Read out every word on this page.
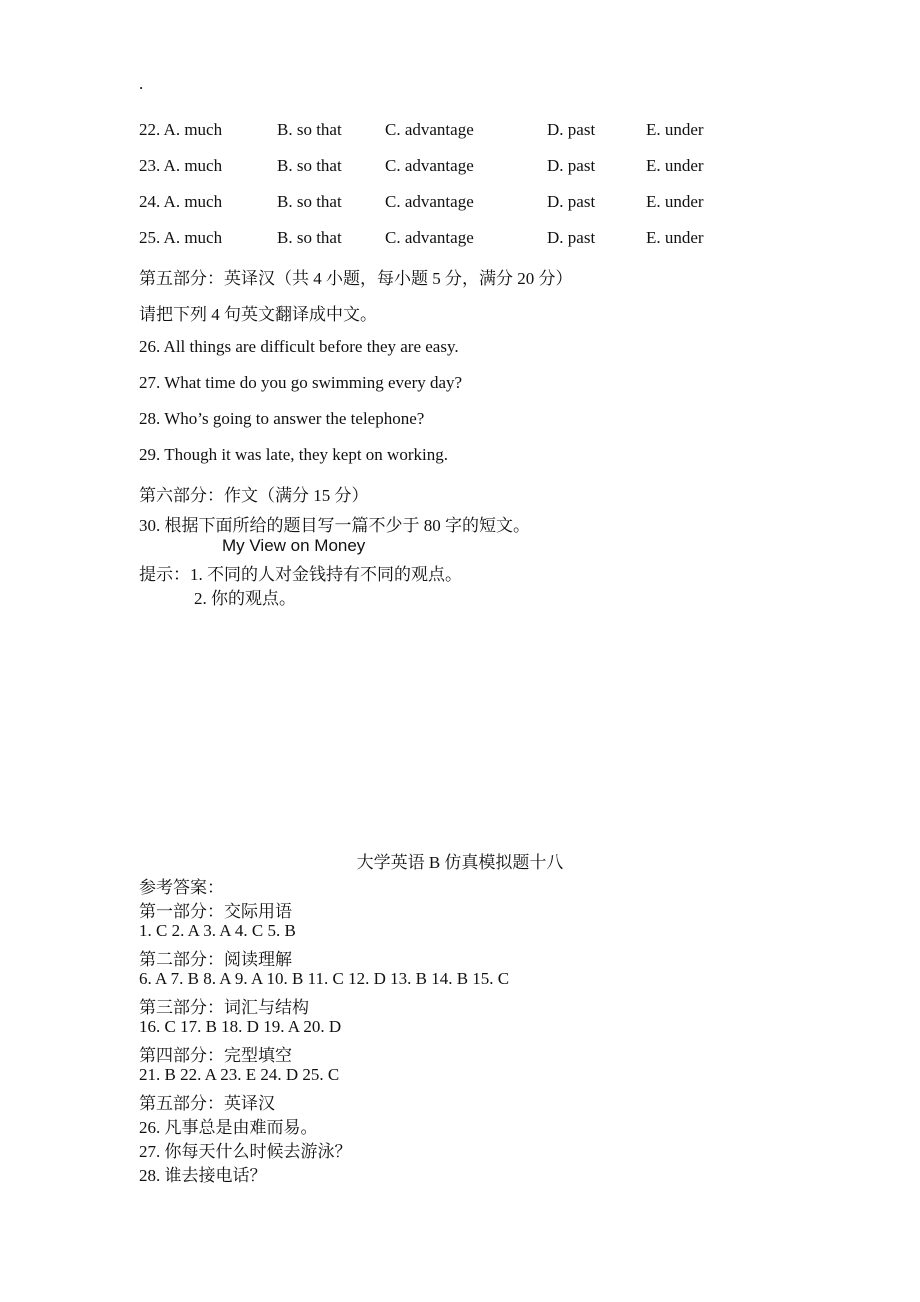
.
22. A. much	B. so that	C. advantage	D. past	E. under
23. A. much	B. so that	C. advantage	D. past	E. under
24. A. much	B. so that	C. advantage	D. past	E. under
25. A. much	B. so that	C. advantage	D. past	E. under
第五部分：英译汉（共 4 小题，每小题 5 分，满分 20 分）
请把下列 4 句英文翻译成中文。
26. All things are difficult before they are easy.
27. What time do you go swimming every day?
28. Who’s going to answer the telephone?
29. Though it was late, they kept on working.
第六部分：作文（满分 15 分）
30. 根据下面所给的题目写一篇不少于 80 字的短文。
My View on Money
提示：1. 不同的人对金钱持有不同的观点。
2. 你的观点。
大学英语 B 仿真模拟题十八
参考答案：
第一部分：交际用语
1. C 2. A 3. A 4. C 5. B
第二部分：阅读理解
6. A 7. B 8. A 9. A 10. B 11. C 12. D 13. B 14. B 15. C
第三部分：词汇与结构
16. C 17. B 18. D 19. A 20. D
第四部分：完型填空
21. B 22. A 23. E 24. D 25. C
第五部分：英译汉
26. 凡事总是由难而易。
27. 你每天什么时候去游泳？
28. 谁去接电话？
